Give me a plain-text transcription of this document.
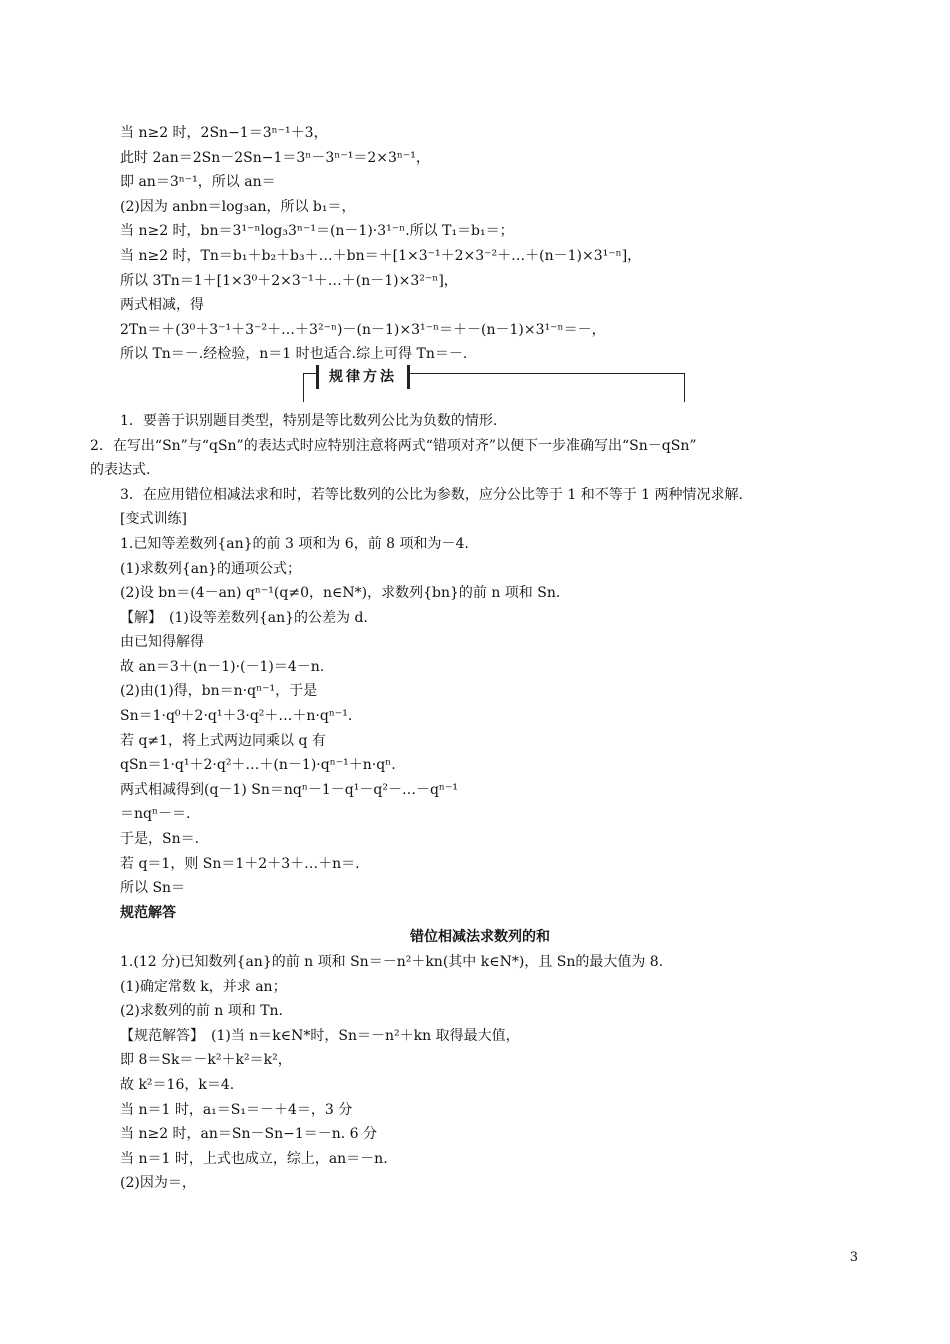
当 n≥2 时，2Sn−1＝3ⁿ⁻¹＋3，
此时 2an＝2Sn－2Sn−1＝3ⁿ－3ⁿ⁻¹＝2×3ⁿ⁻¹，
即 an＝3ⁿ⁻¹，所以 an＝
(2)因为 anbn＝log₃an，所以 b₁＝，
当 n≥2 时，bn＝3¹⁻ⁿlog₃3ⁿ⁻¹＝(n－1)·3¹⁻ⁿ.所以 T₁＝b₁＝；
当 n≥2 时，Tn＝b₁＋b₂＋b₃＋…＋bn＝＋[1×3⁻¹＋2×3⁻²＋…＋(n－1)×3¹⁻ⁿ]，
所以 3Tn＝1＋[1×3⁰＋2×3⁻¹＋…＋(n－1)×3²⁻ⁿ]，
两式相减，得
2Tn＝＋(3⁰＋3⁻¹＋3⁻²＋…＋3²⁻ⁿ)－(n－1)×3¹⁻ⁿ＝＋－(n－1)×3¹⁻ⁿ＝－，
所以 Tn＝－.经检验，n＝1 时也适合.综上可得 Tn＝－.
规律方法
1．要善于识别题目类型，特别是等比数列公比为负数的情形.
2．在写出“Sn”与“qSn”的表达式时应特别注意将两式“错项对齐”以便下一步准确写出“Sn－qSn”
的表达式.
3．在应用错位相减法求和时，若等比数列的公比为参数，应分公比等于 1 和不等于 1 两种情况求解.
[变式训练]
1.已知等差数列{an}的前 3 项和为 6，前 8 项和为－4.
(1)求数列{an}的通项公式；
(2)设 bn＝(4－an) qⁿ⁻¹(q≠0，n∈N*)，求数列{bn}的前 n 项和 Sn.
【解】　(1)设等差数列{an}的公差为 d.
由已知得解得
故 an＝3＋(n－1)·(－1)＝4－n.
(2)由(1)得，bn＝n·qⁿ⁻¹，于是
Sn＝1·q⁰＋2·q¹＋3·q²＋…＋n·qⁿ⁻¹.
若 q≠1，将上式两边同乘以 q 有
qSn＝1·q¹＋2·q²＋…＋(n－1)·qⁿ⁻¹＋n·qⁿ.
两式相减得到(q－1) Sn＝nqⁿ－1－q¹－q²－…－qⁿ⁻¹
＝nqⁿ－＝.
于是，Sn＝.
若 q＝1，则 Sn＝1＋2＋3＋…＋n＝.
所以 Sn＝
规范解答
错位相减法求数列的和
1.(12 分)已知数列{an}的前 n 项和 Sn＝－n²＋kn(其中 k∈N*)，且 Sn的最大值为 8.
(1)确定常数 k，并求 an；
(2)求数列的前 n 项和 Tn.
【规范解答】　(1)当 n＝k∈N*时，Sn＝－n²＋kn 取得最大值，
即 8＝Sk＝－k²＋k²＝k²，
故 k²＝16，k＝4.
当 n＝1 时，a₁＝S₁＝－＋4＝，3 分
当 n≥2 时，an＝Sn－Sn−1＝－n. 6 分
当 n＝1 时，上式也成立，综上，an＝－n.
(2)因为＝，
3
